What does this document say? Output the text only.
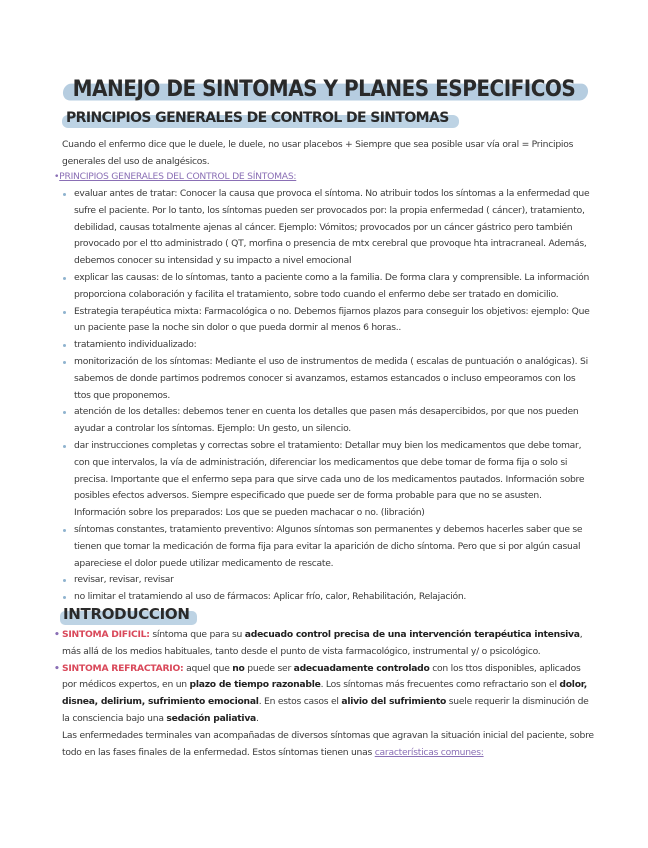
MANEJO DE SINTOMAS Y PLANES ESPECIFICOS
PRINCIPIOS GENERALES DE CONTROL DE SINTOMAS
Cuando el enfermo dice que le duele, le duele, no usar placebos + Siempre que sea posible usar vía oral = Principios generales del uso de analgésicos.
•PRINCIPIOS GENERALES DEL CONTROL DE SÍNTOMAS:
evaluar antes de tratar: Conocer la causa que provoca el síntoma. No atribuir todos los síntomas a la enfermedad que sufre el paciente. Por lo tanto, los síntomas pueden ser provocados por: la propia enfermedad ( cáncer), tratamiento, debilidad, causas totalmente ajenas al cáncer. Ejemplo: Vómitos; provocados por un cáncer gástrico pero también provocado por el tto administrado ( QT, morfina o presencia de mtx cerebral que provoque hta intracraneal. Además, debemos conocer su intensidad y su impacto a nivel emocional
explicar las causas: de lo síntomas, tanto a paciente como a la familia. De forma clara y comprensible. La información proporciona colaboración y facilita el tratamiento, sobre todo cuando el enfermo debe ser tratado en domicilio.
Estrategia terapéutica mixta: Farmacológica o no. Debemos fijarnos plazos para conseguir los objetivos: ejemplo: Que un paciente pase la noche sin dolor o que pueda dormir al menos 6 horas..
tratamiento individualizado:
monitorización de los síntomas: Mediante el uso de instrumentos de medida ( escalas de puntuación o analógicas). Si sabemos de donde partimos podremos conocer si avanzamos, estamos estancados o incluso empeoramos con los ttos que proponemos.
atención de los detalles: debemos tener en cuenta los detalles que pasen más desapercibidos, por que nos pueden ayudar a controlar los síntomas. Ejemplo: Un gesto, un silencio.
dar instrucciones completas y correctas sobre el tratamiento: Detallar muy bien los medicamentos que debe tomar, con que intervalos, la vía de administración, diferenciar los medicamentos que debe tomar de forma fija o solo si precisa. Importante que el enfermo sepa para que sirve cada uno de los medicamentos pautados. Información sobre posibles efectos adversos. Siempre especificado que puede ser de forma probable para que no se asusten. Información sobre los preparados: Los que se pueden machacar o no. (libración)
síntomas constantes, tratamiento preventivo: Algunos síntomas son permanentes y debemos hacerles saber que se tienen que tomar la medicación de forma fija para evitar la aparición de dicho síntoma. Pero que si por algún casual apareciese el dolor puede utilizar medicamento de rescate.
revisar, revisar, revisar
no limitar el tratamiendo al uso de fármacos: Aplicar frío, calor, Rehabilitación, Relajación.
INTRODUCCION

• SINTOMA DIFICIL: síntoma que para su adecuado control precisa de una intervención terapéutica intensiva, más allá de los medios habituales, tanto desde el punto de vista farmacológico, instrumental y/ o psicológico.

• SINTOMA REFRACTARIO: aquel que no puede ser adecuadamente controlado con los ttos disponibles, aplicados por médicos expertos, en un plazo de tiempo razonable. Los síntomas más frecuentes como refractario son el dolor, disnea, delirium, sufrimiento emocional. En estos casos el alivio del sufrimiento suele requerir la disminución de la consciencia bajo una sedación paliativa.

Las enfermedades terminales van acompañadas de diversos síntomas que agravan la situación inicial del paciente, sobre todo en las fases finales de la enfermedad. Estos síntomas tienen unas características comunes:
